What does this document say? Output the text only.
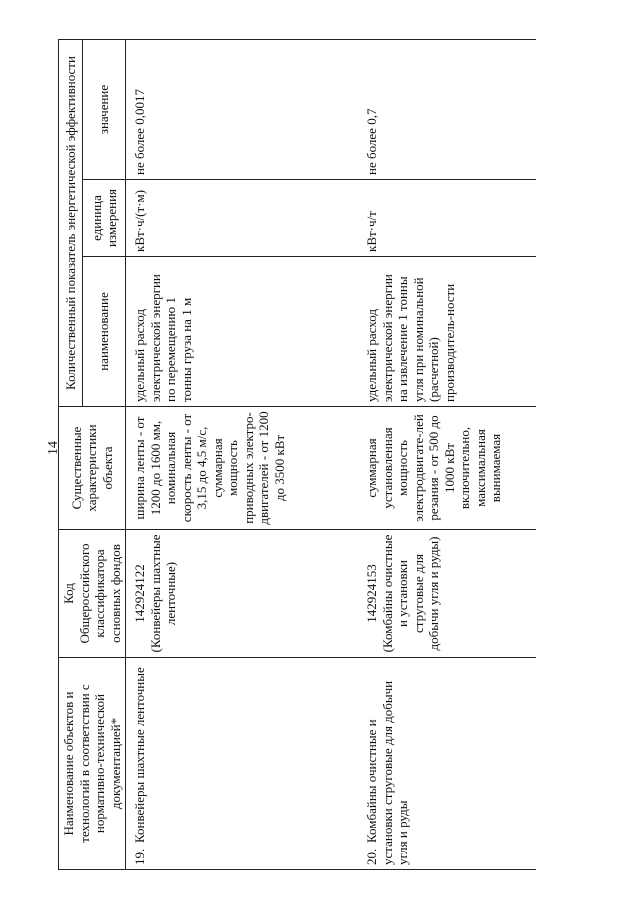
14
Наименование объектов и технологий в соответствии с нормативно-технической документацией*	Код Общероссийского классификатора основных фондов	Существенные характеристики объекта	Количественный показатель энергетической эффективности		
			наименование	единица измерения	значение
19.Конвейеры шахтные ленточные	142924122 (Конвейеры шахтные ленточные)	ширина ленты - от 1200 до 1600 мм, номинальная скорость ленты - от 3,15 до 4,5 м/с, суммарная мощность приводных электро-двигателей - от 1200 до 3500 кВт	удельный расход электрической энергии по перемещению 1 тонны груза на 1 м	кВт·ч/(т·м)	не более 0,0017
20.Комбайны очистные и установки струговые для добычи угля и руды	142924153 (Комбайны очистные и установки струговые для добычи угля и руды)	суммарная установленная мощность электродвигате-лей резания - от 500 до 1000 кВт включительно, максимальная вынимаемая	удельный расход электрической энергии на извлечение 1 тонны угля при номинальной (расчетной) производитель-ности	кВт·ч/т	не более 0,7
